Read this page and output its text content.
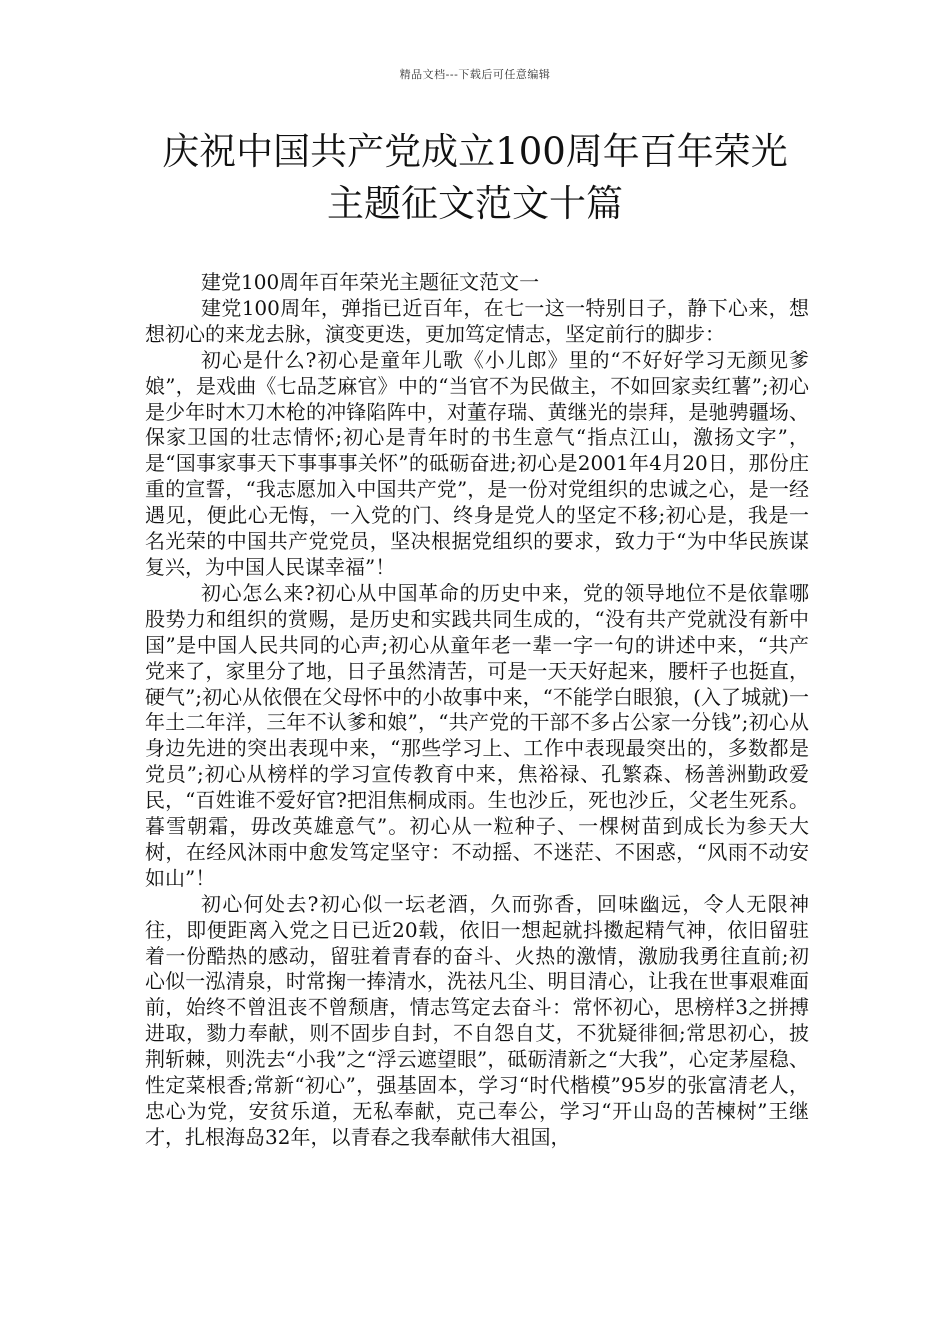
精品文档---下载后可任意编辑
庆祝中国共产党成立100周年百年荣光主题征文范文十篇
建党100周年百年荣光主题征文范文一

建党100周年，弹指已近百年，在七一这一特别日子，静下心来，想想初心的来龙去脉，演变更迭，更加笃定情志，坚定前行的脚步：

初心是什么?初心是童年儿歌《小儿郎》里的“不好好学习无颜见爹娘”，是戏曲《七品芝麻官》中的“当官不为民做主，不如回家卖红薯”;初心是少年时木刀木枪的冲锋陷阵中，对董存瑞、黄继光的崇拜，是驰骋疆场、保家卫国的壮志情怀;初心是青年时的书生意气“指点江山，激扬文字”，是“国事家事天下事事事关怀”的砥砺奋进;初心是2001年4月20日，那份庄重的宣誓，“我志愿加入中国共产党”，是一份对党组织的忠诚之心，是一经遇见，便此心无悔，一入党的门、终身是党人的坚定不移;初心是，我是一名光荣的中国共产党党员，坚决根据党组织的要求，致力于“为中华民族谋复兴，为中国人民谋幸福”！

初心怎么来?初心从中国革命的历史中来，党的领导地位不是依靠哪股势力和组织的赏赐，是历史和实践共同生成的，“没有共产党就没有新中国”是中国人民共同的心声;初心从童年老一辈一字一句的讲述中来，“共产党来了，家里分了地，日子虽然清苦，可是一天天好起来，腰杆子也挺直，硬气”;初心从依偎在父母怀中的小故事中来，“不能学白眼狼，(入了城就)一年土二年洋，三年不认爹和娘”，“共产党的干部不多占公家一分钱”;初心从身边先进的突出表现中来，“那些学习上、工作中表现最突出的，多数都是党员”;初心从榜样的学习宣传教育中来，焦裕禄、孔繁森、杨善洲勤政爱民，“百姓谁不爱好官?把泪焦桐成雨。生也沙丘，死也沙丘，父老生死系。暮雪朝霜，毋改英雄意气”。初心从一粒种子、一棵树苗到成长为参天大树，在经风沐雨中愈发笃定坚守：不动摇、不迷茫、不困惑，“风雨不动安如山”！

初心何处去?初心似一坛老酒，久而弥香，回味幽远，令人无限神往，即便距离入党之日已近20载，依旧一想起就抖擞起精气神，依旧留驻着一份酷热的感动，留驻着青春的奋斗、火热的激情，激励我勇往直前;初心似一泓清泉，时常掬一捧清水，洗祛凡尘、明目清心，让我在世事艰难面前，始终不曾沮丧不曾颓唐，情志笃定去奋斗：常怀初心，思榜样3之拼搏进取，勠力奉献，则不固步自封，不自怨自艾，不犹疑徘徊;常思初心，披荆斩棘，则洗去“小我”之“浮云遮望眼”，砥砺清新之“大我”，心定茅屋稳、性定菜根香;常新“初心”，强基固本，学习“时代楷模”95岁的张富清老人，忠心为党，安贫乐道，无私奉献，克己奉公，学习“开山岛的苦楝树”王继才，扎根海岛32年，以青春之我奉献伟大祖国，
